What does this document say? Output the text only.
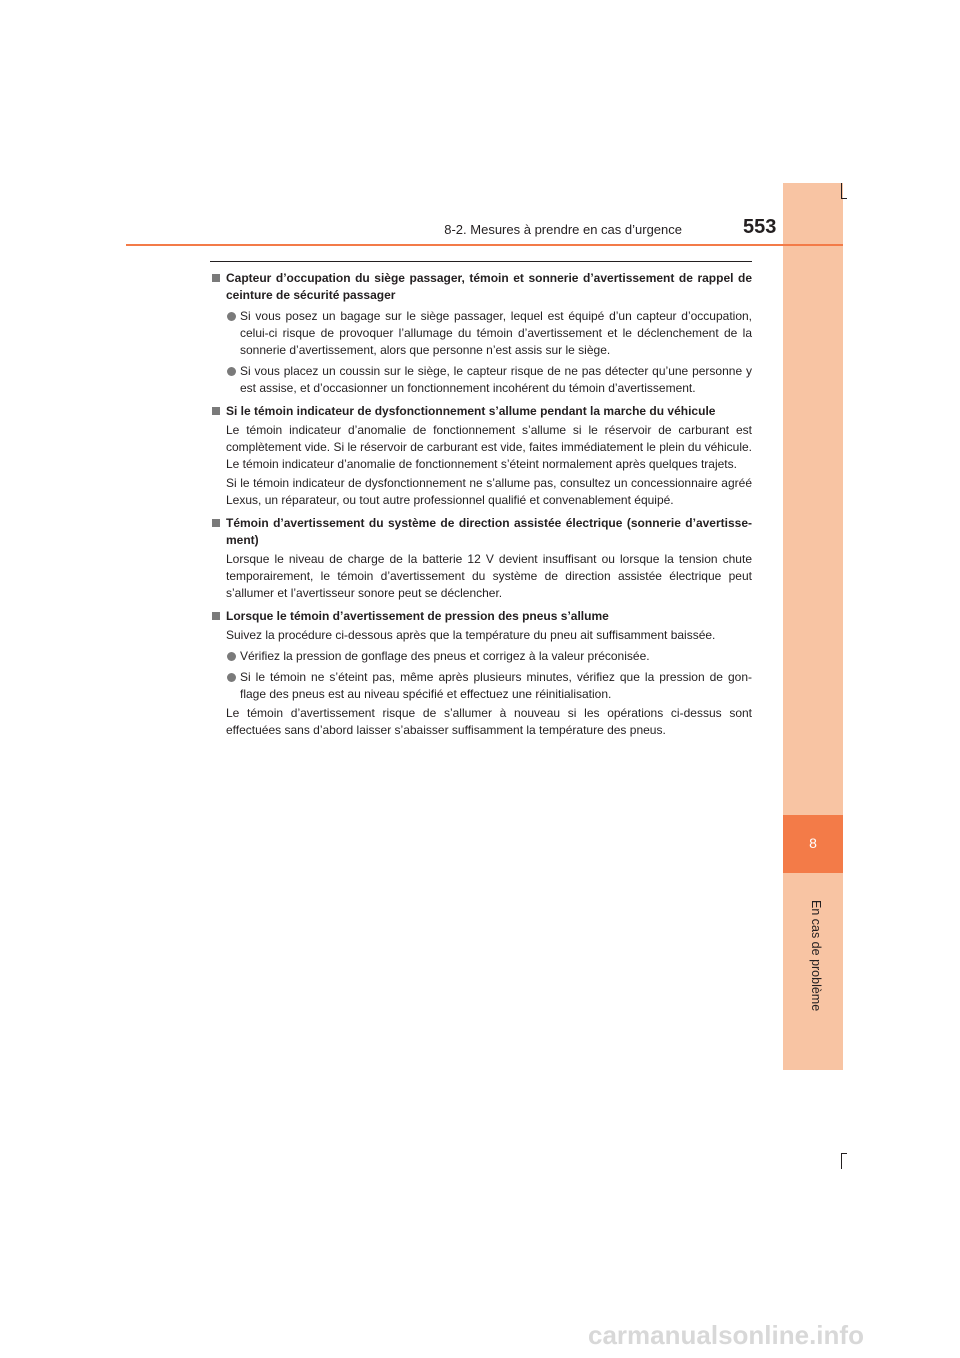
8
En cas de problème
8-2. Mesures à prendre en cas d’urgence	553
Capteur d’occupation du siège passager, témoin et sonnerie d’avertissement de rappel de ceinture de sécurité passager
Si vous posez un bagage sur le siège passager, lequel est équipé d’un capteur d’occupation, celui-ci risque de provoquer l’allumage du témoin d’avertissement et le déclenchement de la sonnerie d’avertissement, alors que personne n’est assis sur le siège.
Si vous placez un coussin sur le siège, le capteur risque de ne pas détecter qu’une personne y est assise, et d’occasionner un fonctionnement incohérent du témoin d’avertissement.
Si le témoin indicateur de dysfonctionnement s’allume pendant la marche du véhicule
Le témoin indicateur d’anomalie de fonctionnement s’allume si le réservoir de carburant est complètement vide. Si le réservoir de carburant est vide, faites immédiatement le plein du véhicule. Le témoin indicateur d’anomalie de fonctionnement s’éteint normalement après quelques trajets.
Si le témoin indicateur de dysfonctionnement ne s’allume pas, consultez un concessionnaire agréé Lexus, un réparateur, ou tout autre professionnel qualifié et convenablement équipé.
Témoin d’avertissement du système de direction assistée électrique (sonnerie d’avertisse-ment)
Lorsque le niveau de charge de la batterie 12 V devient insuffisant ou lorsque la tension chute temporairement, le témoin d’avertissement du système de direction assistée électrique peut s’allumer et l’avertisseur sonore peut se déclencher.
Lorsque le témoin d’avertissement de pression des pneus s’allume
Suivez la procédure ci-dessous après que la température du pneu ait suffisamment baissée.
Vérifiez la pression de gonflage des pneus et corrigez à la valeur préconisée.
Si le témoin ne s’éteint pas, même après plusieurs minutes, vérifiez que la pression de gon-flage des pneus est au niveau spécifié et effectuez une réinitialisation.
Le témoin d’avertissement risque de s’allumer à nouveau si les opérations ci-dessus sont effectuées sans d’abord laisser s’abaisser suffisamment la température des pneus.
carmanualsonline.info
